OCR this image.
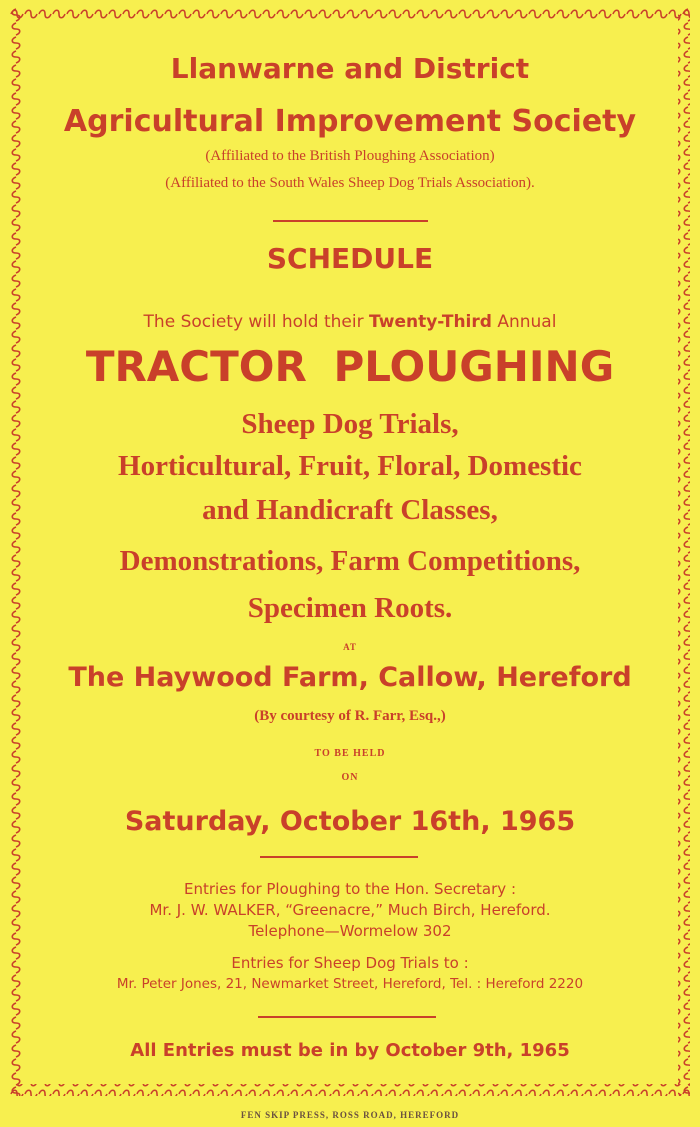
Llanwarne and District
Agricultural Improvement Society
(Affiliated to the British Ploughing Association)
(Affiliated to the South Wales Sheep Dog Trials Association).
SCHEDULE
The Society will hold their Twenty-Third Annual
TRACTOR PLOUGHING
Sheep Dog Trials,
Horticultural, Fruit, Floral, Domestic
and Handicraft Classes,
Demonstrations, Farm Competitions,
Specimen Roots.
AT
The Haywood Farm, Callow, Hereford
(By courtesy of R. Farr, Esq.,)
TO BE HELD
ON
Saturday, October 16th, 1965
Entries for Ploughing to the Hon. Secretary :
Mr. J. W. WALKER, “Greenacre,” Much Birch, Hereford.
Telephone—Wormelow 302
Entries for Sheep Dog Trials to :
Mr. Peter Jones, 21, Newmarket Street, Hereford, Tel. : Hereford 2220
All Entries must be in by October 9th, 1965
FEN SKIP PRESS, ROSS ROAD, HEREFORD
